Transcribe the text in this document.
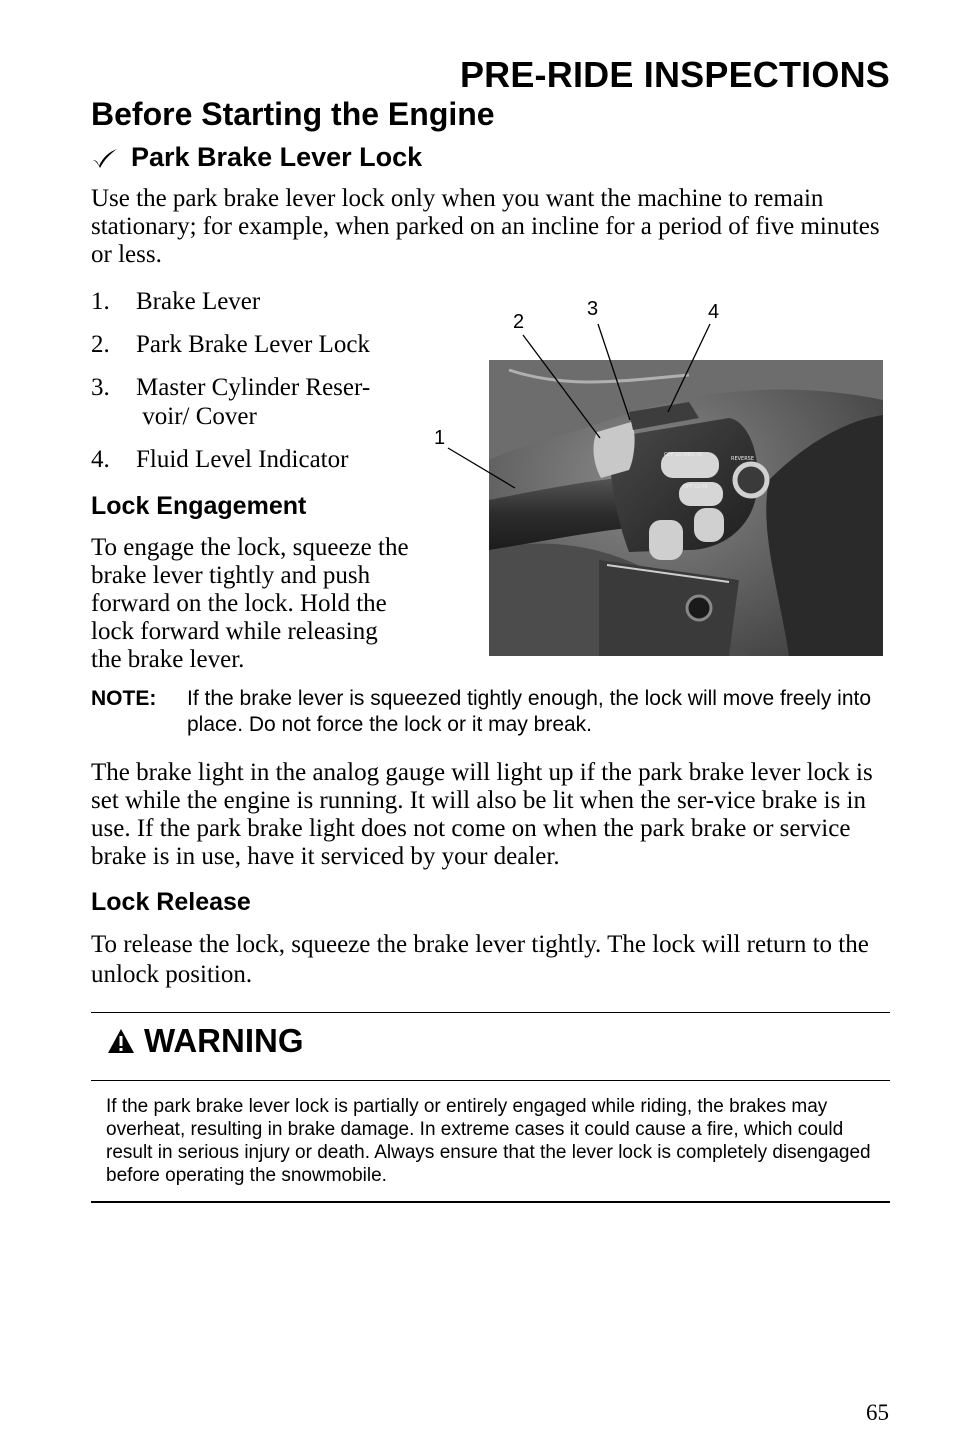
PRE-RIDE INSPECTIONS
Before Starting the Engine
Park Brake Lever Lock

Use the park brake lever lock only when you want the machine to remain stationary; for example, when parked on an incline for a period of five minutes or less.

1. Brake Lever
2. Park Brake Lever Lock
3. Master Cylinder Reser- voir/ Cover
4. Fluid Level Indicator	OFF LO MED HI
REVERSE
OFF LO HI
1
2
3	4
Lock Engagement

To engage the lock, squeeze the brake lever tightly and push forward on the lock. Hold the lock forward while releasing the brake lever.

NOTE: If the brake lever is squeezed tightly enough, the lock will move freely into place. Do not force the lock or it may break.

The brake light in the analog gauge will light up if the park brake lever lock is set while the engine is running. It will also be lit when the ser-vice brake is in use. If the park brake light does not come on when the park brake or service brake is in use, have it serviced by your dealer.

Lock Release

To release the lock, squeeze the brake lever tightly. The lock will return to the unlock position.

WARNING

If the park brake lever lock is partially or entirely engaged while riding, the brakes may overheat, resulting in brake damage. In extreme cases it could cause a fire, which could result in serious injury or death. Always ensure that the lever lock is completely disengaged before operating the snowmobile.

65
